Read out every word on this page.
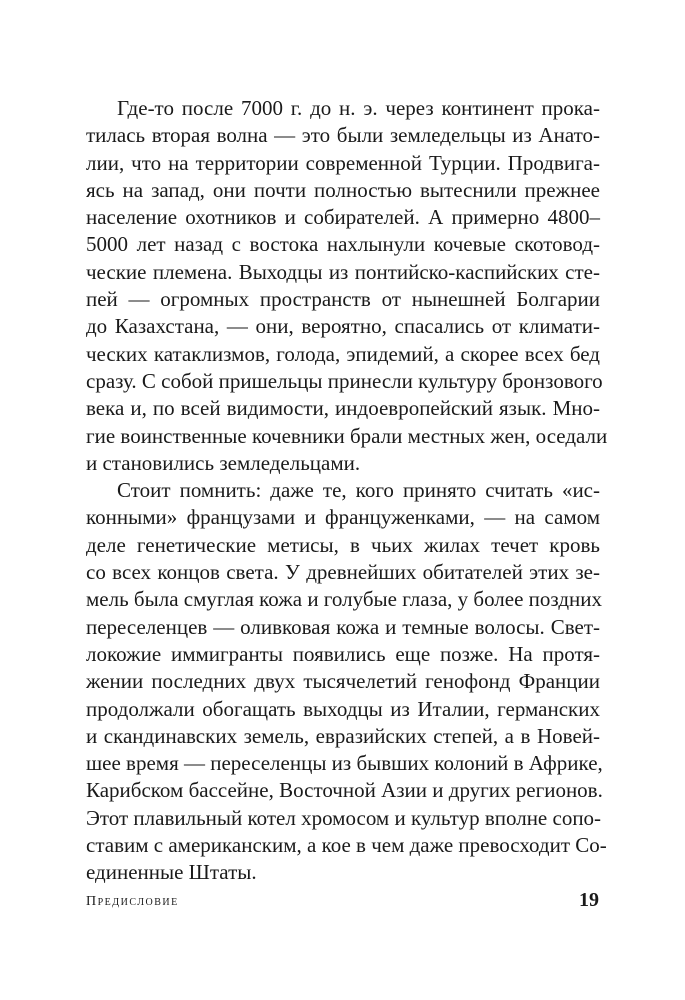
Где-то после 7000 г. до н. э. через континент прока-
тилась вторая волна — это были земледельцы из Анато-
лии, что на территории современной Турции. Продвига-
ясь на запад, они почти полностью вытеснили прежнее
население охотников и собирателей. А примерно 4800–
5000 лет назад с востока нахлынули кочевые скотовод-
ческие племена. Выходцы из понтийско-каспийских сте-
пей — огромных пространств от нынешней Болгарии
до Казахстана, — они, вероятно, спасались от климати-
ческих катаклизмов, голода, эпидемий, а скорее всех бед
сразу. С собой пришельцы принесли культуру бронзового
века и, по всей видимости, индоевропейский язык. Мно-
гие воинственные кочевники брали местных жен, оседали
и становились земледельцами.
Стоит помнить: даже те, кого принято считать «ис-
конными» французами и француженками, — на самом
деле генетические метисы, в чьих жилах течет кровь
со всех концов света. У древнейших обитателей этих зе-
мель была смуглая кожа и голубые глаза, у более поздних
переселенцев — оливковая кожа и темные волосы. Свет-
локожие иммигранты появились еще позже. На протя-
жении последних двух тысячелетий генофонд Франции
продолжали обогащать выходцы из Италии, германских
и скандинавских земель, евразийских степей, а в Новей-
шее время — переселенцы из бывших колоний в Африке,
Карибском бассейне, Восточной Азии и других регионов.
Этот плавильный котел хромосом и культур вполне сопо-
ставим с американским, а кое в чем даже превосходит Со-
единенные Штаты.
Предисловие	19
